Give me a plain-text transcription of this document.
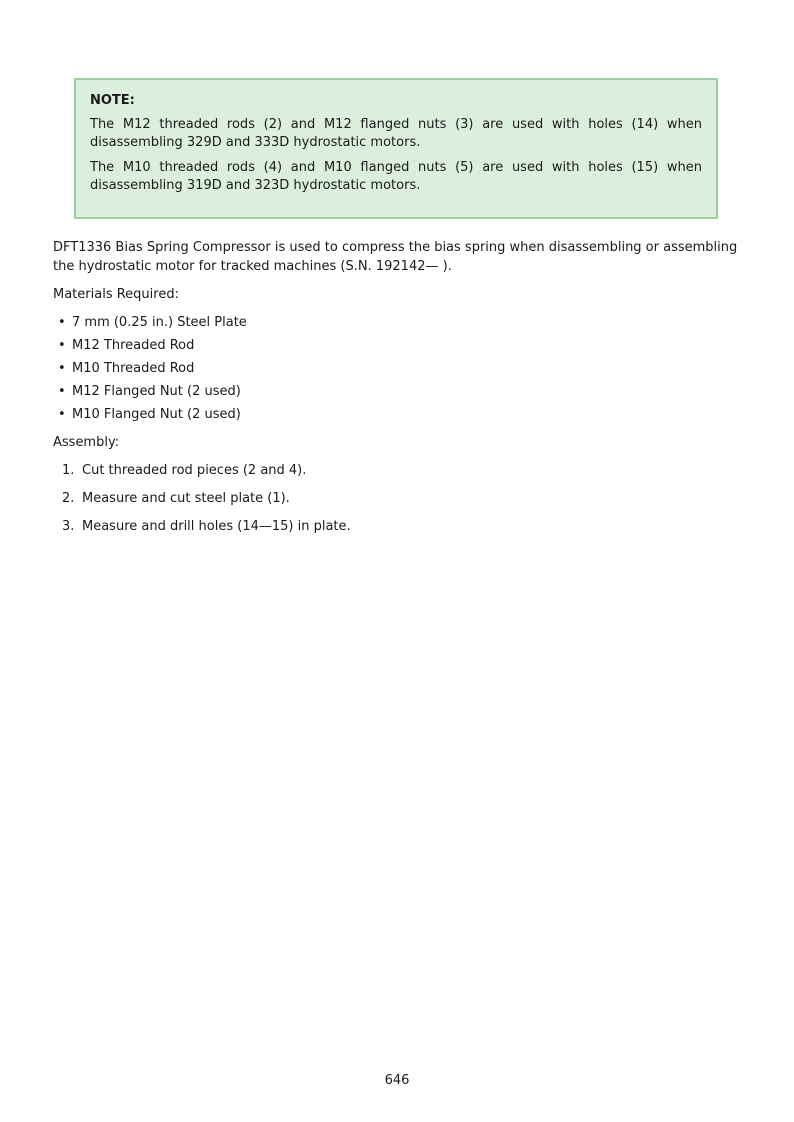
NOTE:

The M12 threaded rods (2) and M12 flanged nuts (3) are used with holes (14) when disassembling 329D and 333D hydrostatic motors.

The M10 threaded rods (4) and M10 flanged nuts (5) are used with holes (15) when disassembling 319D and 323D hydrostatic motors.

DFT1336 Bias Spring Compressor is used to compress the bias spring when disassembling or assembling the hydrostatic motor for tracked machines (S.N. 192142— ).

Materials Required:

• 7 mm (0.25 in.) Steel Plate
• M12 Threaded Rod
• M10 Threaded Rod
• M12 Flanged Nut (2 used)
• M10 Flanged Nut (2 used)

Assembly:

1. Cut threaded rod pieces (2 and 4).
2. Measure and cut steel plate (1).
3. Measure and drill holes (14—15) in plate.
646
